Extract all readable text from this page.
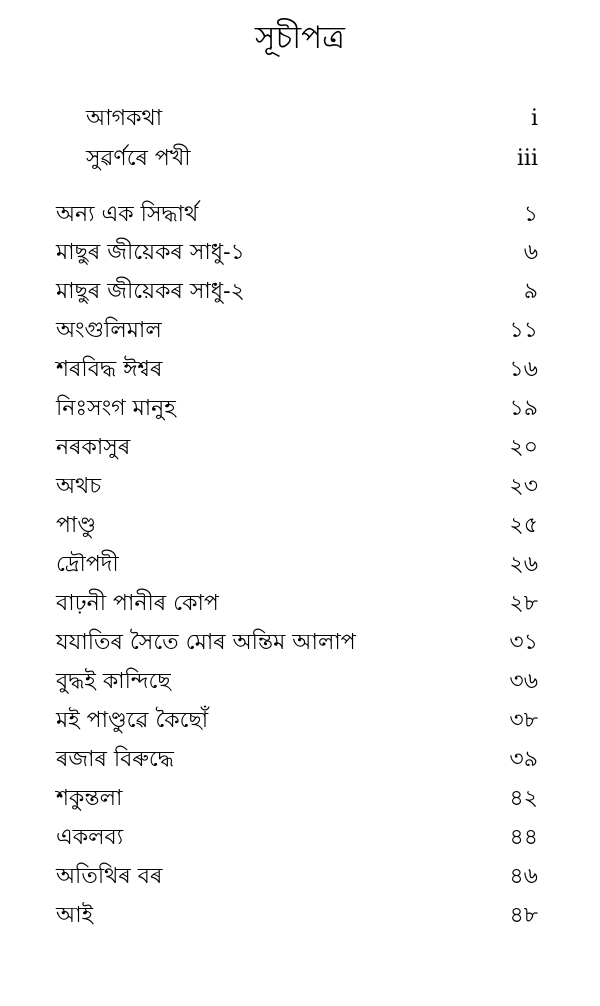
সূচীপত্ৰ
আগকথা	i
সুৱৰ্ণৰে পখী	iii
অন্য এক সিদ্ধাৰ্থ	১
মাছুৰ জীয়েকৰ সাধু-১	৬
মাছুৰ জীয়েকৰ সাধু-২	৯
অংগুলিমাল	১১
শৰবিদ্ধ ঈশ্বৰ	১৬
নিঃসংগ মানুহ	১৯
নৰকাসুৰ	২০
অথচ	২৩
পাণ্ডু	২৫
দ্ৰৌপদী	২৬
বাঢ়নী পানীৰ কোপ	২৮
যযাতিৰ সৈতে মোৰ অন্তিম আলাপ	৩১
বুদ্ধই কান্দিছে	৩৬
মই পাণ্ডুৱে কৈছোঁ	৩৮
ৰজাৰ বিৰুদ্ধে	৩৯
শকুন্তলা	৪২
একলব্য	৪৪
অতিথিৰ বৰ	৪৬
আই	৪৮
